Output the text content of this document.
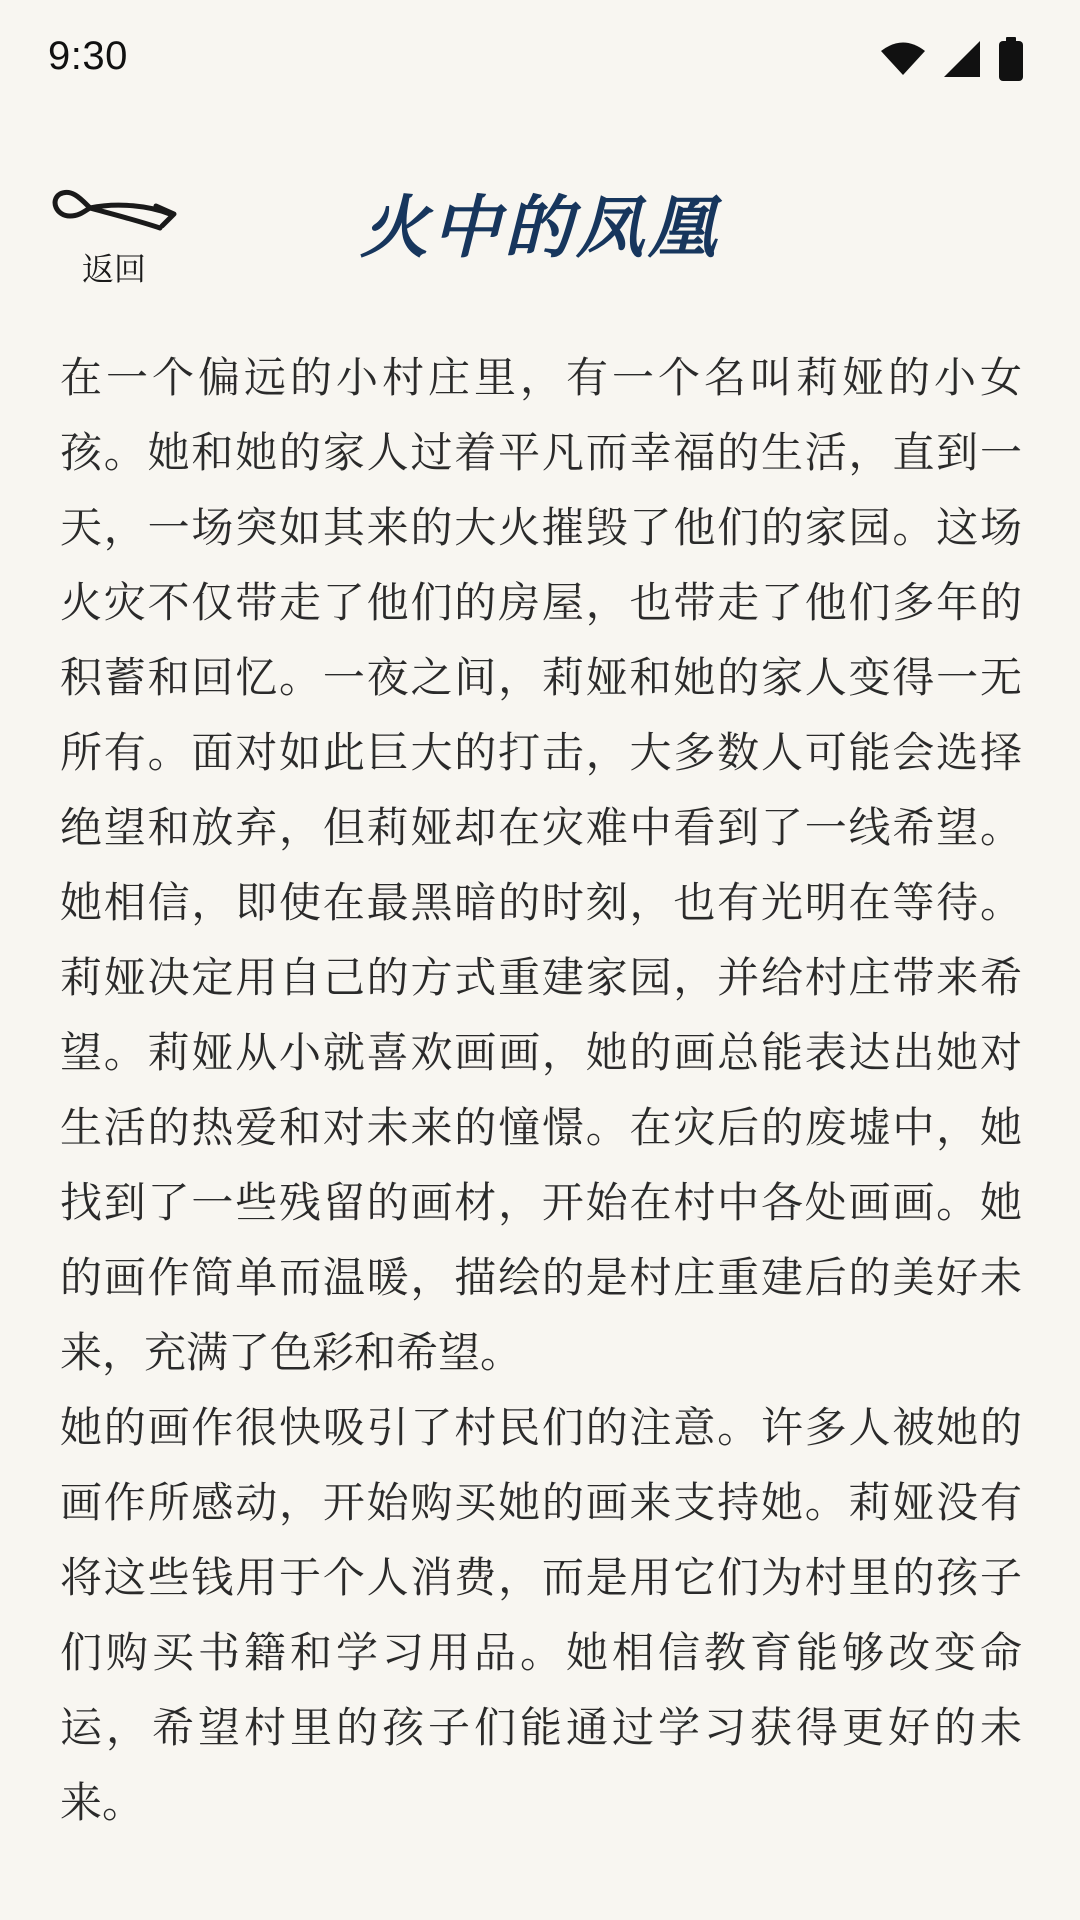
9:30
返回
火中的凤凰

在一个偏远的小村庄里，有一个名叫莉娅的小女孩。她和她的家人过着平凡而幸福的生活，直到一天，一场突如其来的大火摧毁了他们的家园。这场火灾不仅带走了他们的房屋，也带走了他们多年的积蓄和回忆。一夜之间，莉娅和她的家人变得一无所有。面对如此巨大的打击，大多数人可能会选择绝望和放弃，但莉娅却在灾难中看到了一线希望。她相信，即使在最黑暗的时刻，也有光明在等待。莉娅决定用自己的方式重建家园，并给村庄带来希望。莉娅从小就喜欢画画，她的画总能表达出她对生活的热爱和对未来的憧憬。在灾后的废墟中，她找到了一些残留的画材，开始在村中各处画画。她的画作简单而温暖，描绘的是村庄重建后的美好未来，充满了色彩和希望。

她的画作很快吸引了村民们的注意。许多人被她的画作所感动，开始购买她的画来支持她。莉娅没有将这些钱用于个人消费，而是用它们为村里的孩子们购买书籍和学习用品。她相信教育能够改变命运，希望村里的孩子们能通过学习获得更好的未来。
